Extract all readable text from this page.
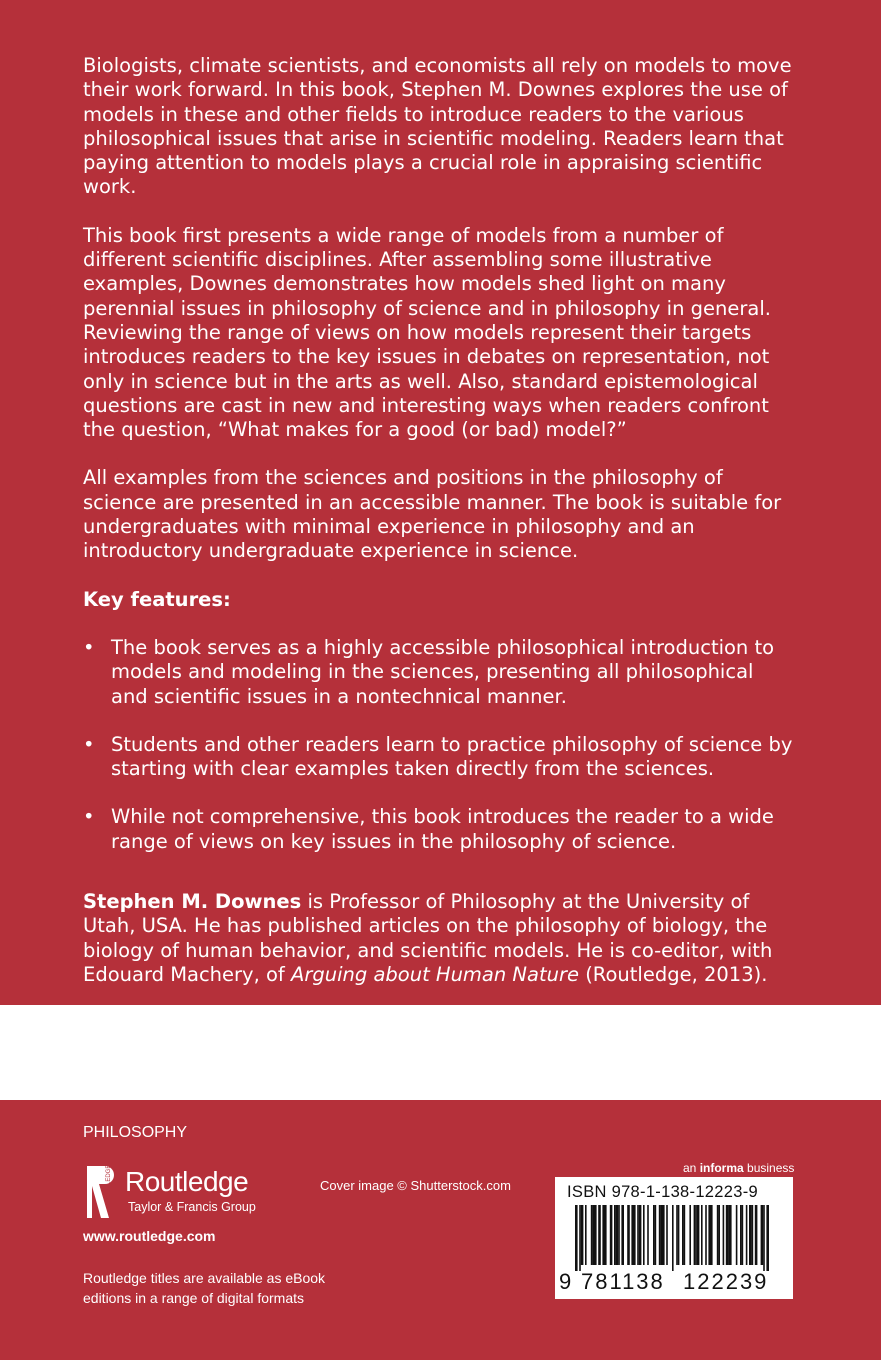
Biologists, climate scientists, and economists all rely on models to move their work forward. In this book, Stephen M. Downes explores the use of models in these and other fields to introduce readers to the various philosophical issues that arise in scientific modeling. Readers learn that paying attention to models plays a crucial role in appraising scientific work.

This book first presents a wide range of models from a number of different scientific disciplines. After assembling some illustrative examples, Downes demonstrates how models shed light on many perennial issues in philosophy of science and in philosophy in general. Reviewing the range of views on how models represent their targets introduces readers to the key issues in debates on representation, not only in science but in the arts as well. Also, standard epistemological questions are cast in new and interesting ways when readers confront the question, “What makes for a good (or bad) model?”

All examples from the sciences and positions in the philosophy of science are presented in an accessible manner. The book is suitable for undergraduates with minimal experience in philosophy and an introductory undergraduate experience in science.

Key features:

• The book serves as a highly accessible philosophical introduction to models and modeling in the sciences, presenting all philosophical and scientific issues in a nontechnical manner.
• Students and other readers learn to practice philosophy of science by starting with clear examples taken directly from the sciences.
• While not comprehensive, this book introduces the reader to a wide range of views on key issues in the philosophy of science.

Stephen M. Downes is Professor of Philosophy at the University of Utah, USA. He has published articles on the philosophy of biology, the biology of human behavior, and scientific models. He is co-editor, with Edouard Machery, of Arguing about Human Nature (Routledge, 2013).

PHILOSOPHY
ROUTLEDGE Routledge
Taylor & Francis Group
www.routledge.com
Routledge titles are available as eBook editions in a range of digital formats
Cover image © Shutterstock.com
an informa business
ISBN 978-1-138-12223-9
9 781138 122239
